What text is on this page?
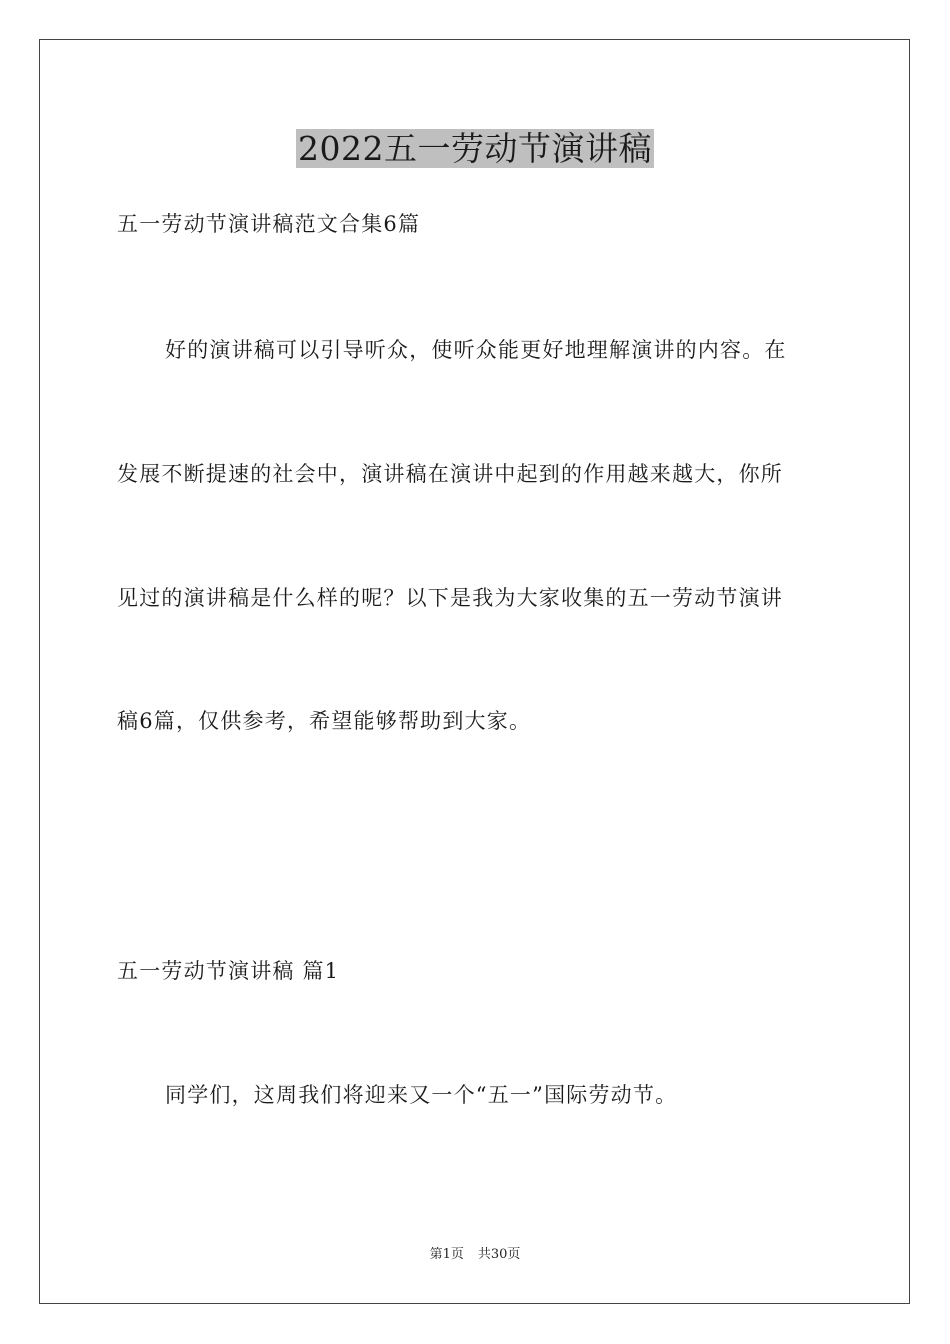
2022五一劳动节演讲稿
五一劳动节演讲稿范文合集6篇
好的演讲稿可以引导听众，使听众能更好地理解演讲的内容。在
发展不断提速的社会中，演讲稿在演讲中起到的作用越来越大，你所
见过的演讲稿是什么样的呢？以下是我为大家收集的五一劳动节演讲
稿6篇，仅供参考，希望能够帮助到大家。
五一劳动节演讲稿 篇1
同学们，这周我们将迎来又一个“五一”国际劳动节。
第1页 共30页
